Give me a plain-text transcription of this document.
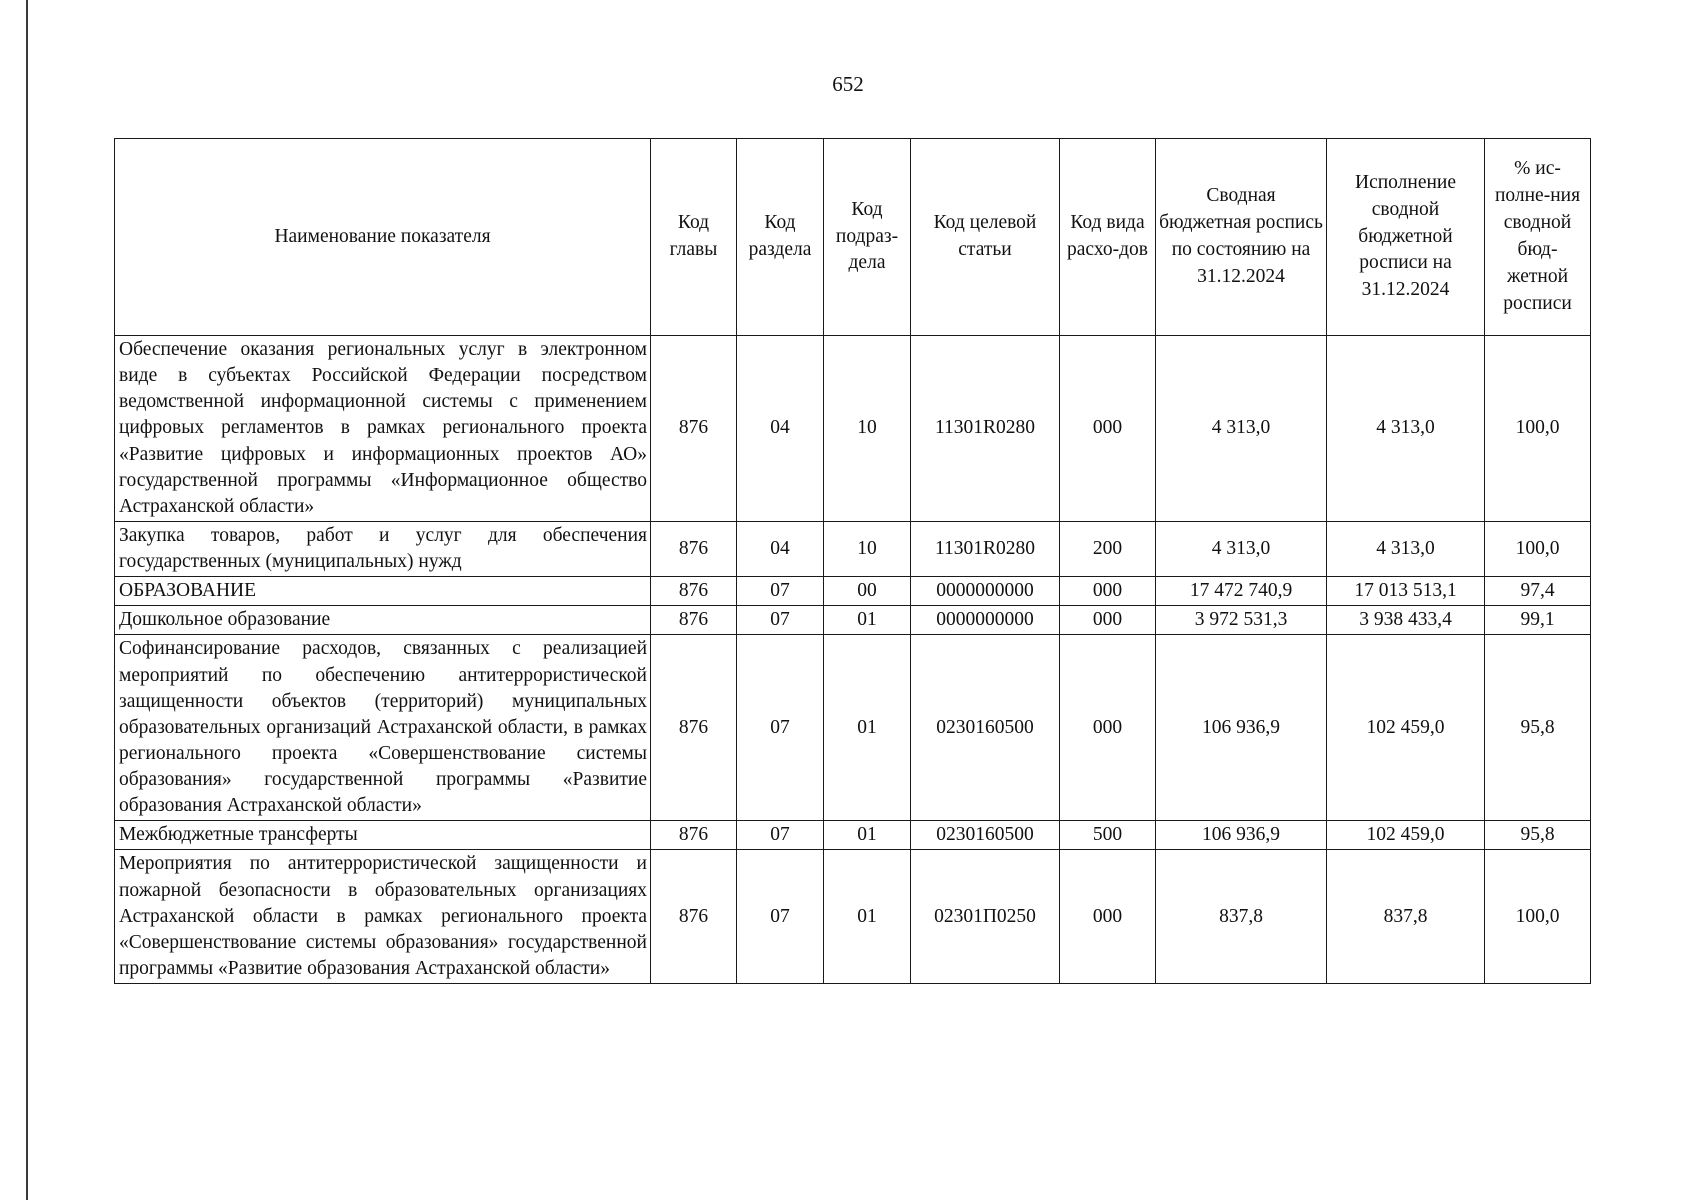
652
Наименование показателя	Код главы	Код раздела	Код подраз-дела	Код целевой статьи	Код вида расхо-дов	Сводная бюджетная роспись по состоянию на 31.12.2024	Исполнение сводной бюджетной росписи на 31.12.2024	% ис-полне-ния сводной бюд-жетной росписи
Обеспечение оказания региональных услуг в электронном виде в субъектах Российской Федерации посредством ведомственной информационной системы с применением цифровых регламентов в рамках регионального проекта «Развитие цифровых и информационных проектов АО» государственной программы «Информационное общество Астраханской области»	876	04	10	11301R0280	000	4 313,0	4 313,0	100,0
Закупка товаров, работ и услуг для обеспечения государственных (муниципальных) нужд	876	04	10	11301R0280	200	4 313,0	4 313,0	100,0
ОБРАЗОВАНИЕ	876	07	00	0000000000	000	17 472 740,9	17 013 513,1	97,4
Дошкольное образование	876	07	01	0000000000	000	3 972 531,3	3 938 433,4	99,1
Софинансирование расходов, связанных с реализацией мероприятий по обеспечению антитеррористической защищенности объектов (территорий) муниципальных образовательных организаций Астраханской области, в рамках регионального проекта «Совершенствование системы образования» государственной программы «Развитие образования Астраханской области»	876	07	01	0230160500	000	106 936,9	102 459,0	95,8
Межбюджетные трансферты	876	07	01	0230160500	500	106 936,9	102 459,0	95,8
Мероприятия по антитеррористической защищенности и пожарной безопасности в образовательных организациях Астраханской области в рамках регионального проекта «Совершенствование системы образования» государственной программы «Развитие образования Астраханской области»	876	07	01	02301П0250	000	837,8	837,8	100,0
